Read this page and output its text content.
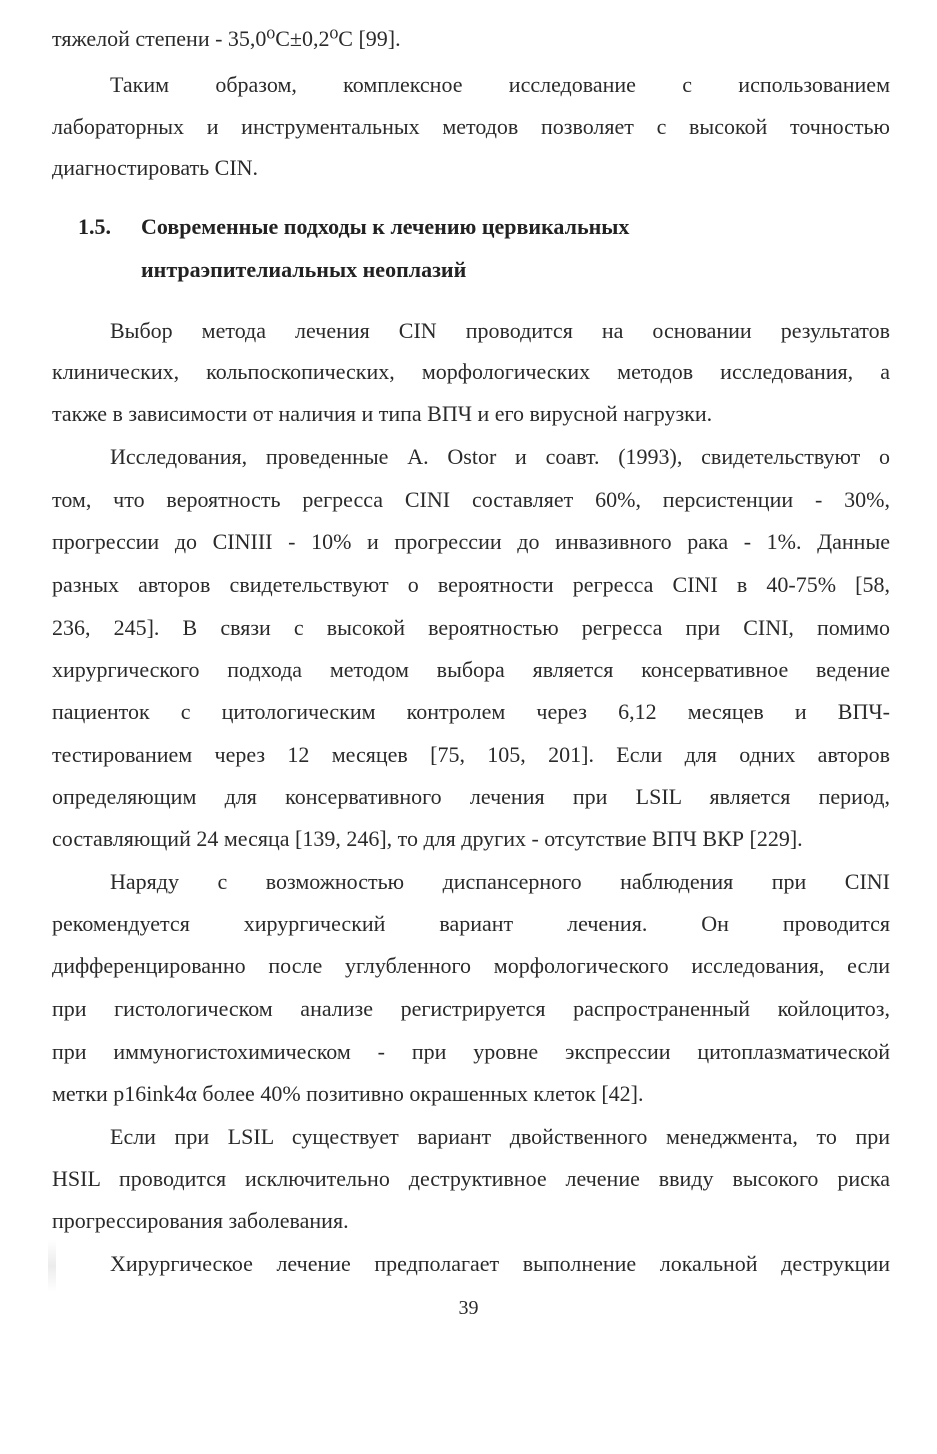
тяжелой степени - 35,0⁰C±0,2⁰C [99].
Таким образом, комплексное исследование с использованием
лабораторных и инструментальных методов позволяет с высокой точностью
диагностировать CIN.
1.5. Современные подходы к лечению цервикальных
интраэпителиальных неоплазий
Выбор метода лечения CIN проводится на основании результатов
клинических, кольпоскопических, морфологических методов исследования, а
также в зависимости от наличия и типа ВПЧ и его вирусной нагрузки.
Исследования, проведенные A. Ostor и соавт. (1993), свидетельствуют о
том, что вероятность регресса CINI составляет 60%, персистенции - 30%,
прогрессии до CINIII - 10% и прогрессии до инвазивного рака - 1%. Данные
разных авторов свидетельствуют о вероятности регресса CINI в 40-75% [58,
236, 245]. В связи с высокой вероятностью регресса при CINI, помимо
хирургического подхода методом выбора является консервативное ведение
пациенток с цитологическим контролем через 6,12 месяцев и ВПЧ-
тестированием через 12 месяцев [75, 105, 201]. Если для одних авторов
определяющим для консервативного лечения при LSIL является период,
составляющий 24 месяца [139, 246], то для других - отсутствие ВПЧ ВКР [229].
Наряду с возможностью диспансерного наблюдения при CINI
рекомендуется хирургический вариант лечения. Он проводится
дифференцированно после углубленного морфологического исследования, если
при гистологическом анализе регистрируется распространенный койлоцитоз,
при иммуногистохимическом - при уровне экспрессии цитоплазматической
метки p16ink4α более 40% позитивно окрашенных клеток [42].
Если при LSIL существует вариант двойственного менеджмента, то при
HSIL проводится исключительно деструктивное лечение ввиду высокого риска
прогрессирования заболевания.
Хирургическое лечение предполагает выполнение локальной деструкции
39
